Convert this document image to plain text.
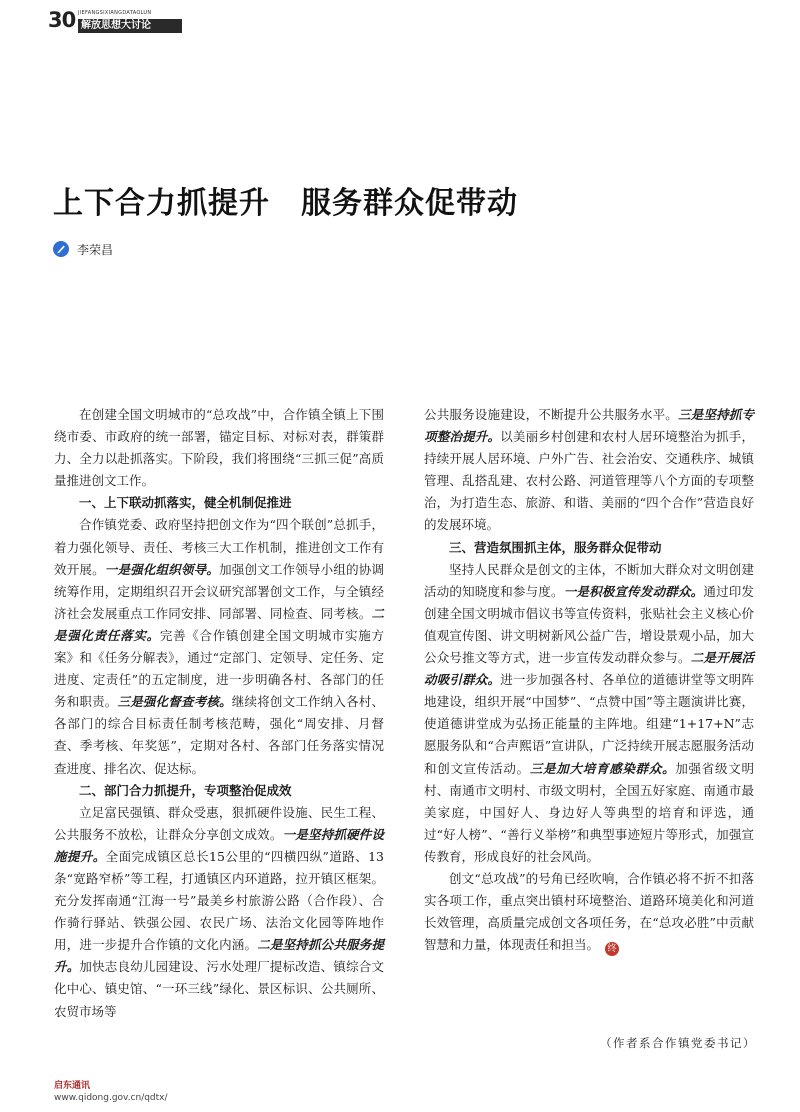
30 JIEFANGSIXIANGDATAOLUN
解放思想大讨论
上下合力抓提升　服务群众促带动
李荣昌

在创建全国文明城市的“总攻战”中，合作镇全镇上下围绕市委、市政府的统一部署，锚定目标、对标对表，群策群力、全力以赴抓落实。下阶段，我们将围绕“三抓三促”高质量推进创文工作。

一、上下联动抓落实，健全机制促推进

合作镇党委、政府坚持把创文作为“四个联创”总抓手，着力强化领导、责任、考核三大工作机制，推进创文工作有效开展。一是强化组织领导。加强创文工作领导小组的协调统筹作用，定期组织召开会议研究部署创文工作，与全镇经济社会发展重点工作同安排、同部署、同检查、同考核。二是强化责任落实。完善《合作镇创建全国文明城市实施方案》和《任务分解表》，通过“定部门、定领导、定任务、定进度、定责任”的五定制度，进一步明确各村、各部门的任务和职责。三是强化督查考核。继续将创文工作纳入各村、各部门的综合目标责任制考核范畴，强化“周安排、月督查、季考核、年奖惩”，定期对各村、各部门任务落实情况查进度、排名次、促达标。

二、部门合力抓提升，专项整治促成效

立足富民强镇、群众受惠，狠抓硬件设施、民生工程、公共服务不放松，让群众分享创文成效。一是坚持抓硬件设施提升。全面完成镇区总长15公里的“四横四纵”道路、13条“宽路窄桥”等工程，打通镇区内环道路，拉开镇区框架。充分发挥南通“江海一号”最美乡村旅游公路（合作段）、合作骑行驿站、铁强公园、农民广场、法治文化园等阵地作用，进一步提升合作镇的文化内涵。二是坚持抓公共服务提升。加快志良幼儿园建设、污水处理厂提标改造、镇综合文化中心、镇史馆、“一环三线”绿化、景区标识、公共厕所、农贸市场等

公共服务设施建设，不断提升公共服务水平。三是坚持抓专项整治提升。以美丽乡村创建和农村人居环境整治为抓手，持续开展人居环境、户外广告、社会治安、交通秩序、城镇管理、乱搭乱建、农村公路、河道管理等八个方面的专项整治，为打造生态、旅游、和谐、美丽的“四个合作”营造良好的发展环境。

三、营造氛围抓主体，服务群众促带动

坚持人民群众是创文的主体，不断加大群众对文明创建活动的知晓度和参与度。一是积极宣传发动群众。通过印发创建全国文明城市倡议书等宣传资料，张贴社会主义核心价值观宣传图、讲文明树新风公益广告，增设景观小品，加大公众号推文等方式，进一步宣传发动群众参与。二是开展活动吸引群众。进一步加强各村、各单位的道德讲堂等文明阵地建设，组织开展“中国梦”、“点赞中国”等主题演讲比赛，使道德讲堂成为弘扬正能量的主阵地。组建“1+17+N”志愿服务队和“合声熙语”宣讲队，广泛持续开展志愿服务活动和创文宣传活动。三是加大培育感染群众。加强省级文明村、南通市文明村、市级文明村，全国五好家庭、南通市最美家庭，中国好人、身边好人等典型的培育和评选，通过“好人榜”、“善行义举榜”和典型事迹短片等形式，加强宣传教育，形成良好的社会风尚。

创文“总攻战”的号角已经吹响，合作镇必将不折不扣落实各项工作，重点突出镇村环境整治、道路环境美化和河道长效管理，高质量完成创文各项任务，在“总攻必胜”中贡献智慧和力量，体现责任和担当。 终

（作者系合作镇党委书记）
启东通讯
www.qidong.gov.cn/qdtx/
